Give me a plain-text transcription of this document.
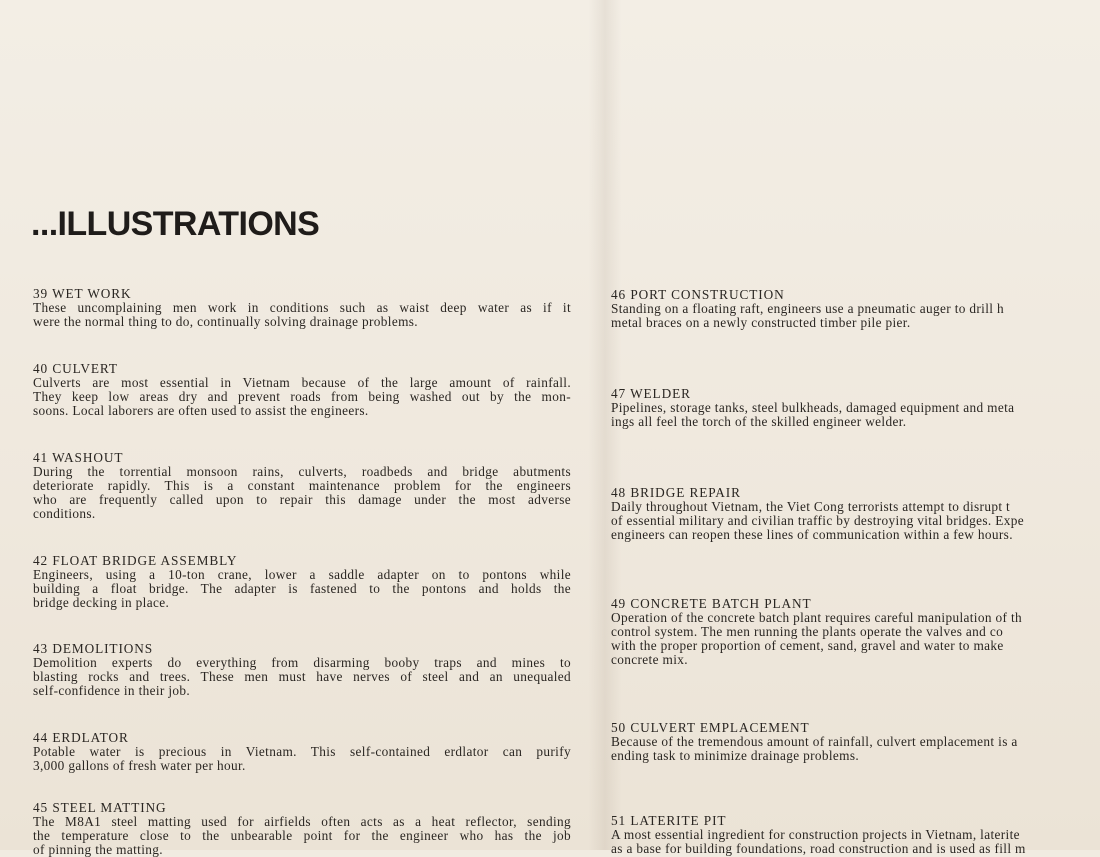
...ILLUSTRATIONS
39 WET WORK
These uncomplaining men work in conditions such as waist deep water as if it
were the normal thing to do, continually solving drainage problems.
40 CULVERT
Culverts are most essential in Vietnam because of the large amount of rainfall.
They keep low areas dry and prevent roads from being washed out by the mon-
soons. Local laborers are often used to assist the engineers.
41 WASHOUT
During the torrential monsoon rains, culverts, roadbeds and bridge abutments
deteriorate rapidly. This is a constant maintenance problem for the engineers
who are frequently called upon to repair this damage under the most adverse
conditions.
42 FLOAT BRIDGE ASSEMBLY
Engineers, using a 10-ton crane, lower a saddle adapter on to pontons while
building a float bridge. The adapter is fastened to the pontons and holds the
bridge decking in place.
43 DEMOLITIONS
Demolition experts do everything from disarming booby traps and mines to
blasting rocks and trees. These men must have nerves of steel and an unequaled
self-confidence in their job.
44 ERDLATOR
Potable water is precious in Vietnam. This self-contained erdlator can purify
3,000 gallons of fresh water per hour.
45 STEEL MATTING
The M8A1 steel matting used for airfields often acts as a heat reflector, sending
the temperature close to the unbearable point for the engineer who has the job
of pinning the matting.
46 PORT CONSTRUCTION
Standing on a floating raft, engineers use a pneumatic auger to drill h
metal braces on a newly constructed timber pile pier.
47 WELDER
Pipelines, storage tanks, steel bulkheads, damaged equipment and meta
ings all feel the torch of the skilled engineer welder.
48 BRIDGE REPAIR
Daily throughout Vietnam, the Viet Cong terrorists attempt to disrupt t
of essential military and civilian traffic by destroying vital bridges. Expe
engineers can reopen these lines of communication within a few hours.
49 CONCRETE BATCH PLANT
Operation of the concrete batch plant requires careful manipulation of th
control system. The men running the plants operate the valves and co
with the proper proportion of cement, sand, gravel and water to make
concrete mix.
50 CULVERT EMPLACEMENT
Because of the tremendous amount of rainfall, culvert emplacement is a
ending task to minimize drainage problems.
51 LATERITE PIT
A most essential ingredient for construction projects in Vietnam, laterite
as a base for building foundations, road construction and is used as fill m
